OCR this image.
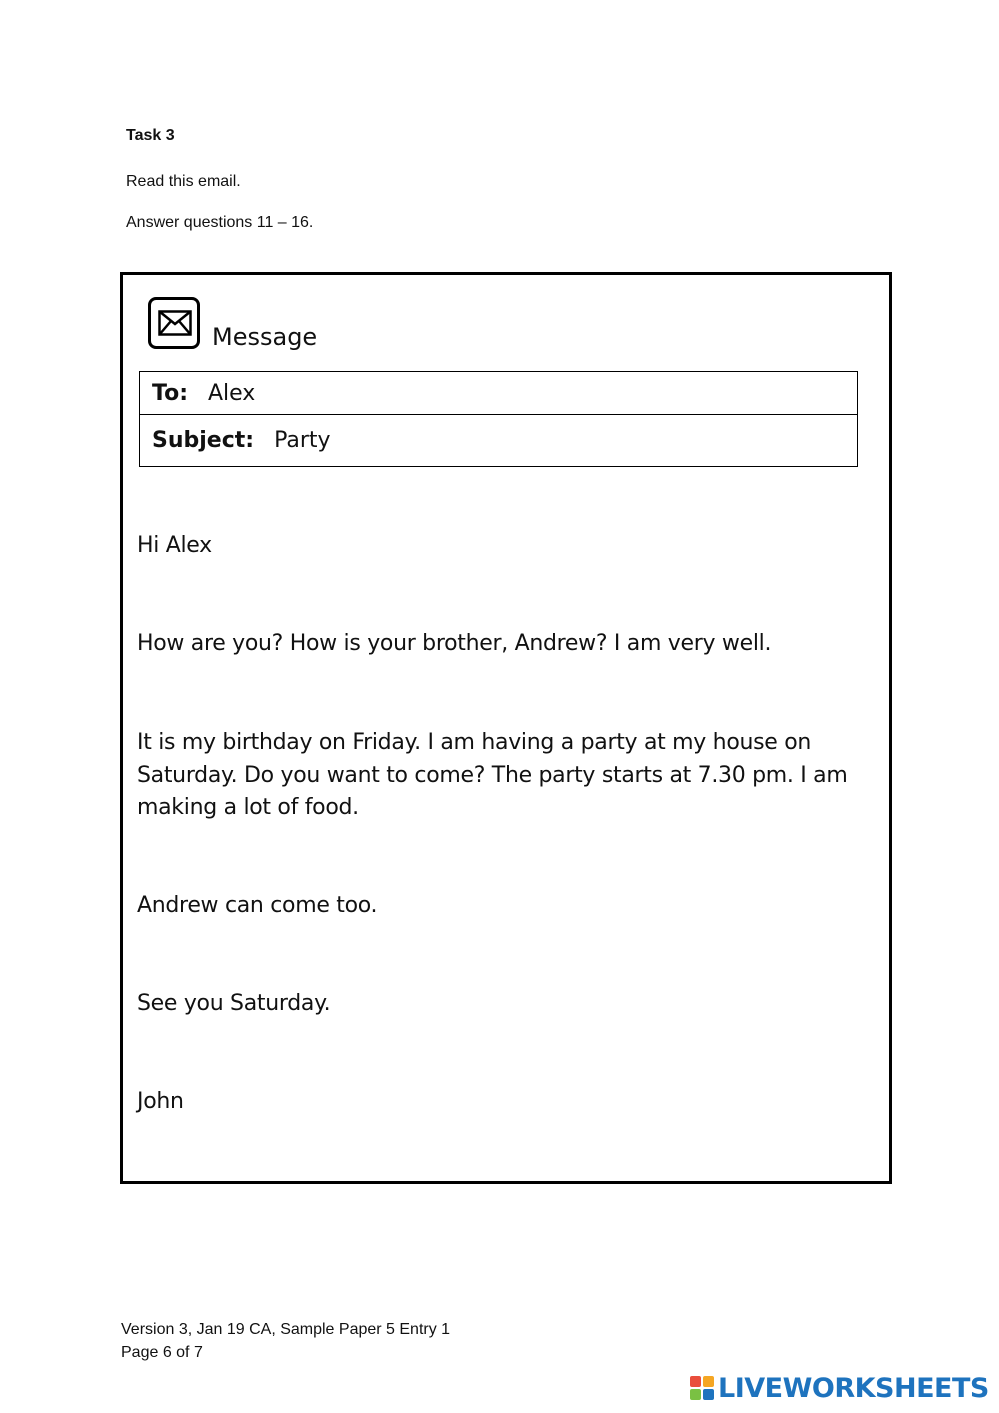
Task 3
Read this email.
Answer questions 11 – 16.
Message
To: Alex
Subject: Party
Hi Alex
How are you? How is your brother, Andrew? I am very well.
It is my birthday on Friday. I am having a party at my house on
Saturday. Do you want to come? The party starts at 7.30 pm. I am
making a lot of food.
Andrew can come too.
See you Saturday.
John
Version 3, Jan 19 CA, Sample Paper 5 Entry 1
Page 6 of 7
LIVEWORKSHEETS
